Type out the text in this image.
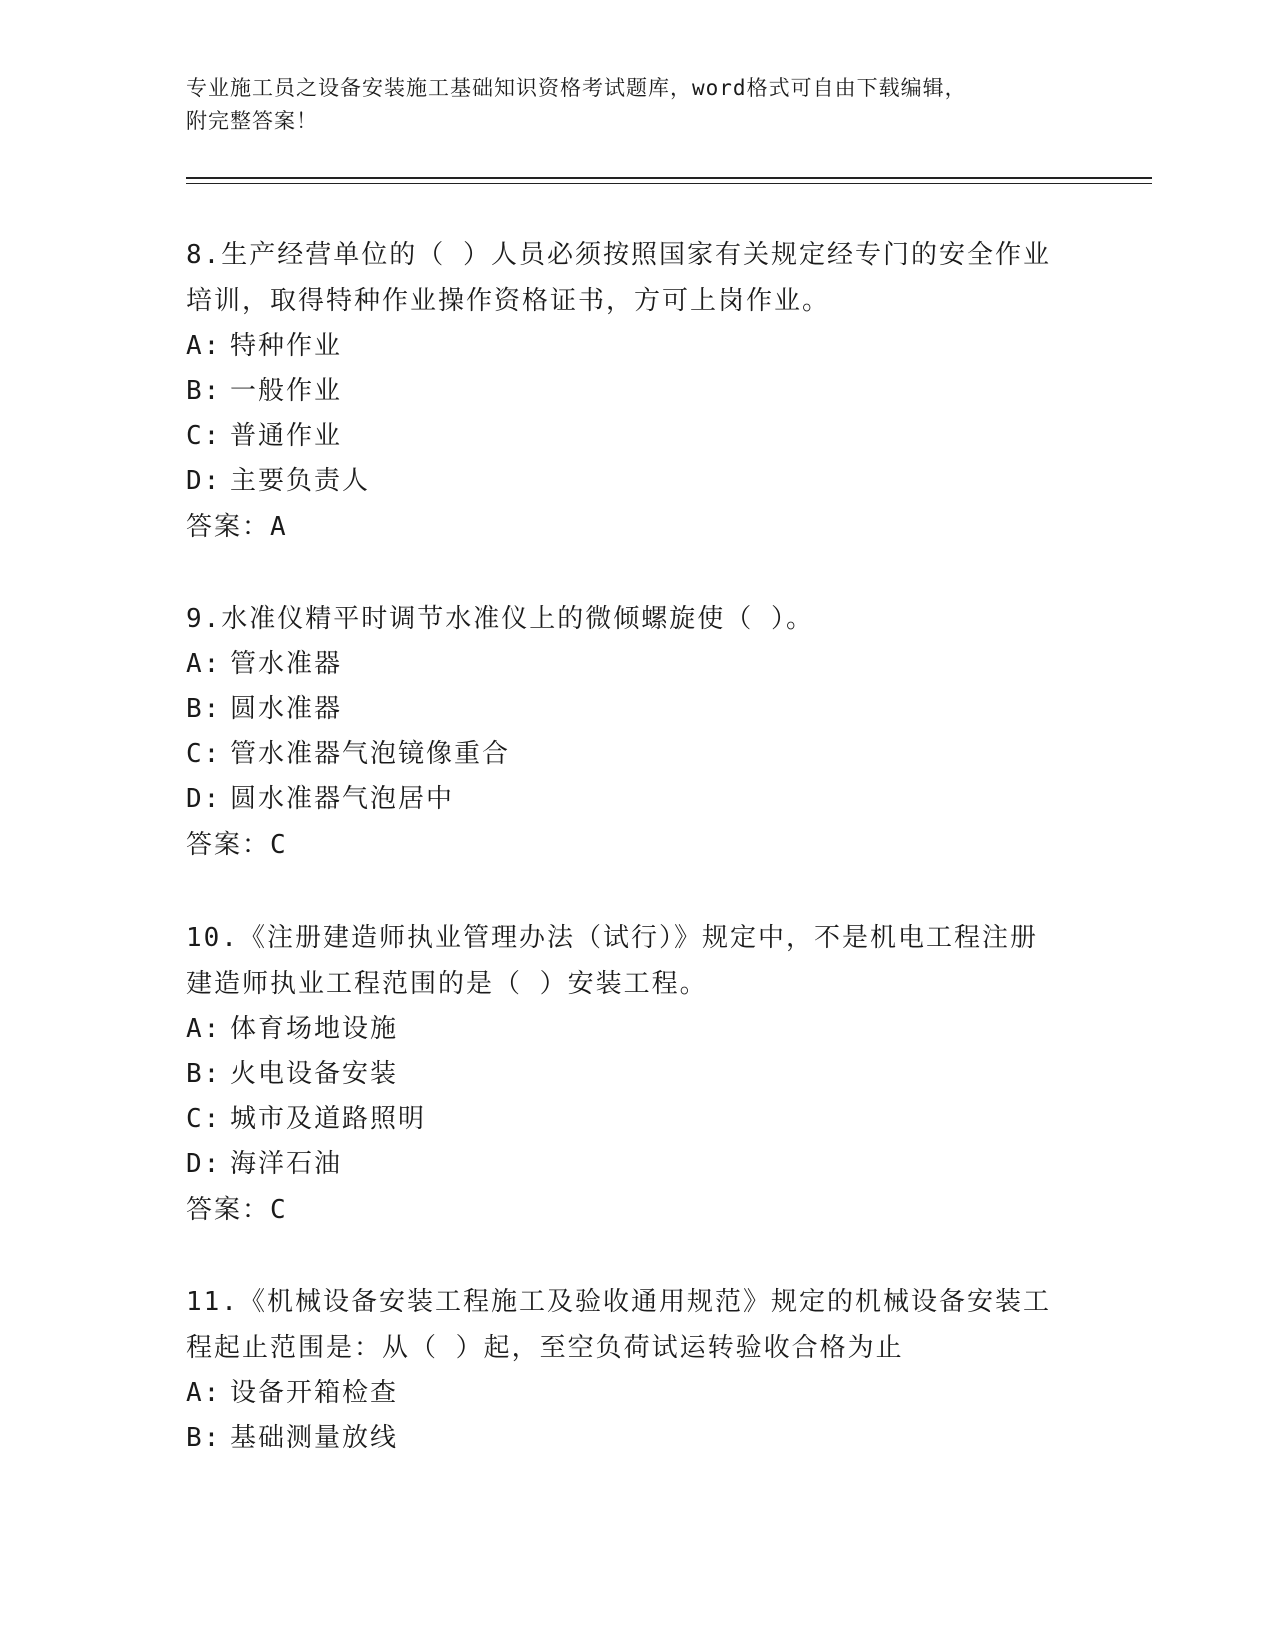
专业施工员之设备安装施工基础知识资格考试题库，word格式可自由下载编辑，
附完整答案！

8.生产经营单位的（ ）人员必须按照国家有关规定经专门的安全作业

培训，取得特种作业操作资格证书，方可上岗作业。

A: 特种作业

B: 一般作业

C: 普通作业

D: 主要负责人

答案：A

9.水准仪精平时调节水准仪上的微倾螺旋使（ ）。

A: 管水准器

B: 圆水准器

C: 管水准器气泡镜像重合

D: 圆水准器气泡居中

答案：C

10.《注册建造师执业管理办法（试行）》规定中，不是机电工程注册

建造师执业工程范围的是（ ）安装工程。

A: 体育场地设施

B: 火电设备安装

C: 城市及道路照明

D: 海洋石油

答案：C

11.《机械设备安装工程施工及验收通用规范》规定的机械设备安装工

程起止范围是：从（ ）起，至空负荷试运转验收合格为止

A: 设备开箱检查

B: 基础测量放线
